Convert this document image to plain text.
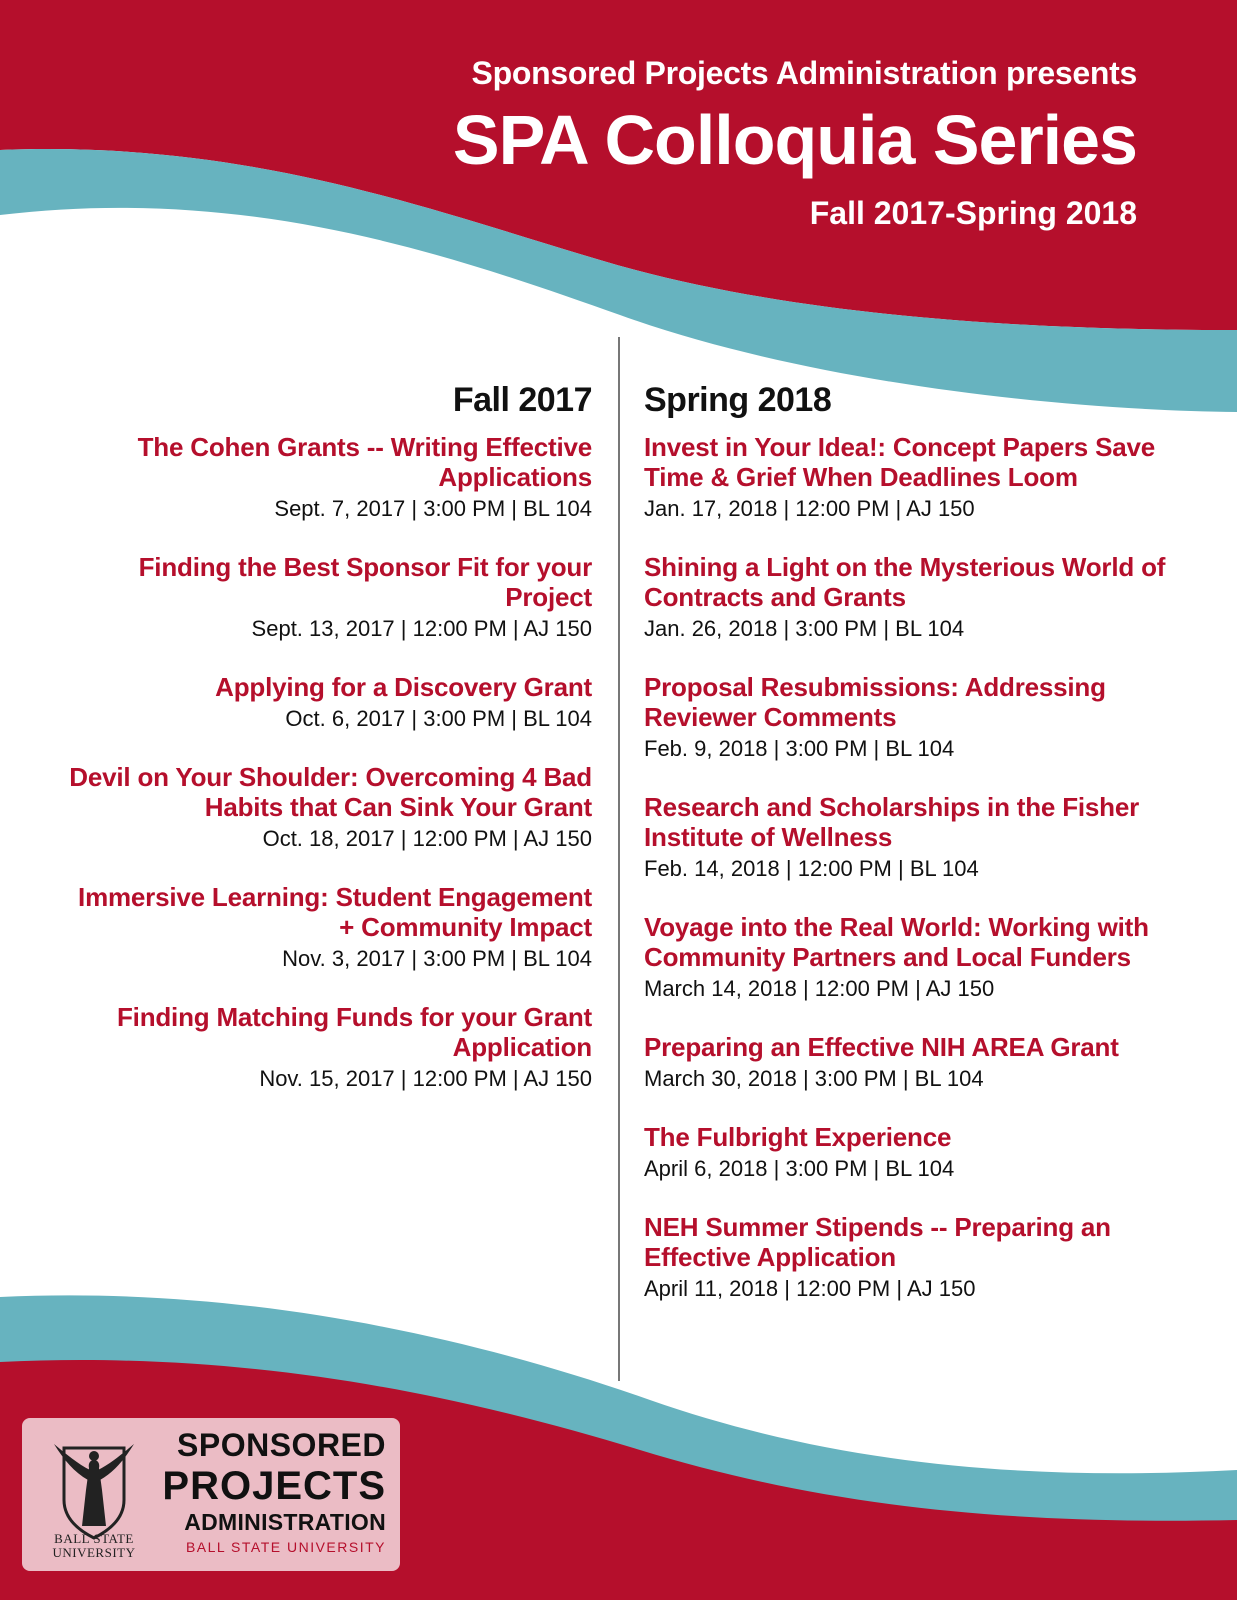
Sponsored Projects Administration presents
SPA Colloquia Series
Fall 2017-Spring 2018
Fall 2017
The Cohen Grants -- Writing Effective Applications
Sept. 7, 2017 | 3:00 PM | BL 104
Finding the Best Sponsor Fit for your Project
Sept. 13, 2017 | 12:00 PM | AJ 150
Applying for a Discovery Grant
Oct. 6, 2017 | 3:00 PM | BL 104
Devil on Your Shoulder: Overcoming 4 Bad Habits that Can Sink Your Grant
Oct. 18, 2017 | 12:00 PM | AJ 150
Immersive Learning: Student Engagement + Community Impact
Nov. 3, 2017 | 3:00 PM | BL 104
Finding Matching Funds for your Grant Application
Nov. 15, 2017 | 12:00 PM | AJ 150
Spring 2018
Invest in Your Idea!: Concept Papers Save Time & Grief When Deadlines Loom
Jan. 17, 2018 | 12:00 PM | AJ 150
Shining a Light on the Mysterious World of Contracts and Grants
Jan. 26, 2018 | 3:00 PM | BL 104
Proposal Resubmissions: Addressing Reviewer Comments
Feb. 9, 2018 | 3:00 PM | BL 104
Research and Scholarships in the Fisher Institute of Wellness
Feb. 14, 2018 | 12:00 PM | BL 104
Voyage into the Real World: Working with Community Partners and Local Funders
March 14, 2018 | 12:00 PM | AJ 150
Preparing an Effective NIH AREA Grant
March 30, 2018 | 3:00 PM | BL 104
The Fulbright Experience
April 6, 2018 | 3:00 PM | BL 104
NEH Summer Stipends -- Preparing an Effective Application
April 11, 2018 | 12:00 PM | AJ 150
BALL STATE
UNIVERSITY
SPONSORED
PROJECTS
ADMINISTRATION
BALL STATE UNIVERSITY
